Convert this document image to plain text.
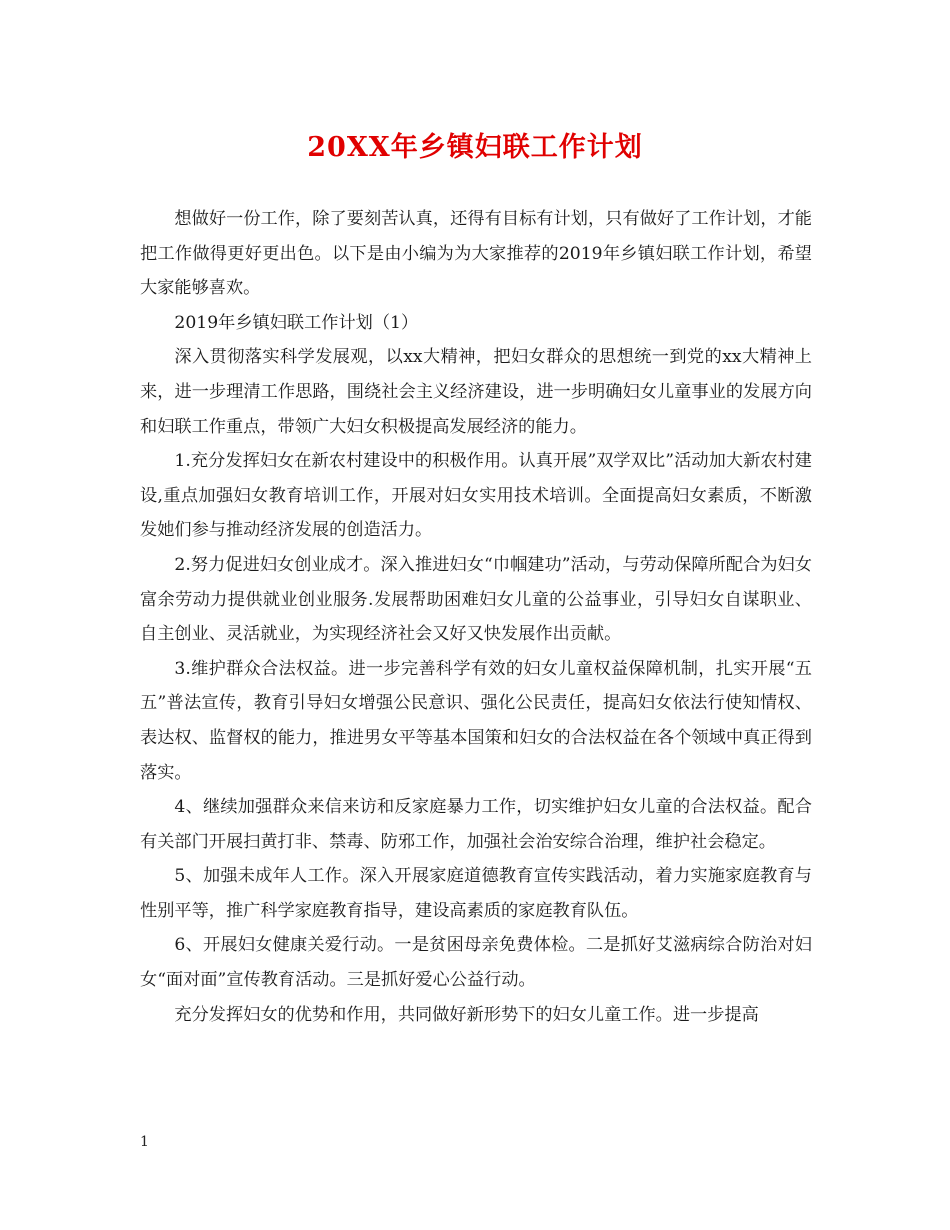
20XX年乡镇妇联工作计划

想做好一份工作，除了要刻苦认真，还得有目标有计划，只有做好了工作计划，才能把工作做得更好更出色。以下是由小编为为大家推荐的2019年乡镇妇联工作计划，希望大家能够喜欢。

2019年乡镇妇联工作计划（1）

深入贯彻落实科学发展观，以xx大精神，把妇女群众的思想统一到党的xx大精神上来，进一步理清工作思路，围绕社会主义经济建设，进一步明确妇女儿童事业的发展方向和妇联工作重点，带领广大妇女积极提高发展经济的能力。

1.充分发挥妇女在新农村建设中的积极作用。认真开展”双学双比”活动加大新农村建设,重点加强妇女教育培训工作，开展对妇女实用技术培训。全面提高妇女素质，不断激发她们参与推动经济发展的创造活力。

2.努力促进妇女创业成才。深入推进妇女“巾帼建功”活动，与劳动保障所配合为妇女富余劳动力提供就业创业服务.发展帮助困难妇女儿童的公益事业，引导妇女自谋职业、自主创业、灵活就业，为实现经济社会又好又快发展作出贡献。

3.维护群众合法权益。进一步完善科学有效的妇女儿童权益保障机制，扎实开展“五五”普法宣传，教育引导妇女增强公民意识、强化公民责任，提高妇女依法行使知情权、表达权、监督权的能力，推进男女平等基本国策和妇女的合法权益在各个领域中真正得到落实。

4、继续加强群众来信来访和反家庭暴力工作，切实维护妇女儿童的合法权益。配合有关部门开展扫黄打非、禁毒、防邪工作，加强社会治安综合治理，维护社会稳定。

5、加强未成年人工作。深入开展家庭道德教育宣传实践活动，着力实施家庭教育与性别平等，推广科学家庭教育指导，建设高素质的家庭教育队伍。

6、开展妇女健康关爱行动。一是贫困母亲免费体检。二是抓好艾滋病综合防治对妇女“面对面”宣传教育活动。三是抓好爱心公益行动。

充分发挥妇女的优势和作用，共同做好新形势下的妇女儿童工作。进一步提高

1
